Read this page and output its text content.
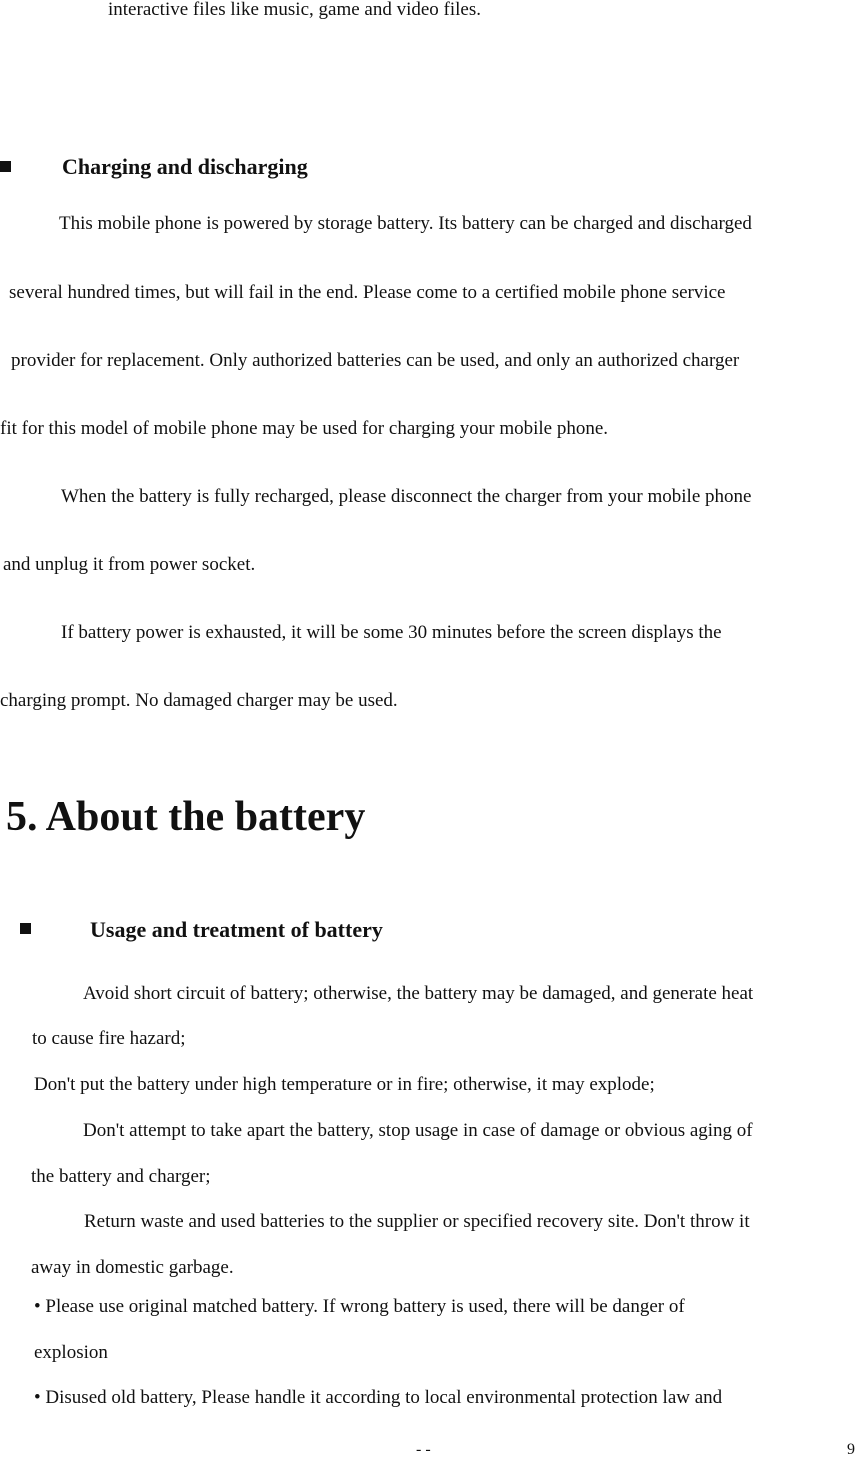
interactive files like music, game and video files.
Charging and discharging
This mobile phone is powered by storage battery. Its battery can be charged and discharged
several hundred times, but will fail in the end. Please come to a certified mobile phone service
provider for replacement. Only authorized batteries can be used, and only an authorized charger
fit for this model of mobile phone may be used for charging your mobile phone.
When the battery is fully recharged, please disconnect the charger from your mobile phone
and unplug it from power socket.
If battery power is exhausted, it will be some 30 minutes before the screen displays the
charging prompt. No damaged charger may be used.
5. About the battery
Usage and treatment of battery
Avoid short circuit of battery; otherwise, the battery may be damaged, and generate heat
to cause fire hazard;
Don't put the battery under high temperature or in fire; otherwise, it may explode;
Don't attempt to take apart the battery, stop usage in case of damage or obvious aging of
the battery and charger;
Return waste and used batteries to the supplier or specified recovery site. Don't throw it
away in domestic garbage.
• Please use original matched battery. If wrong battery is used, there will be danger of
explosion
• Disused old battery, Please handle it according to local environmental protection law and
- -	9
